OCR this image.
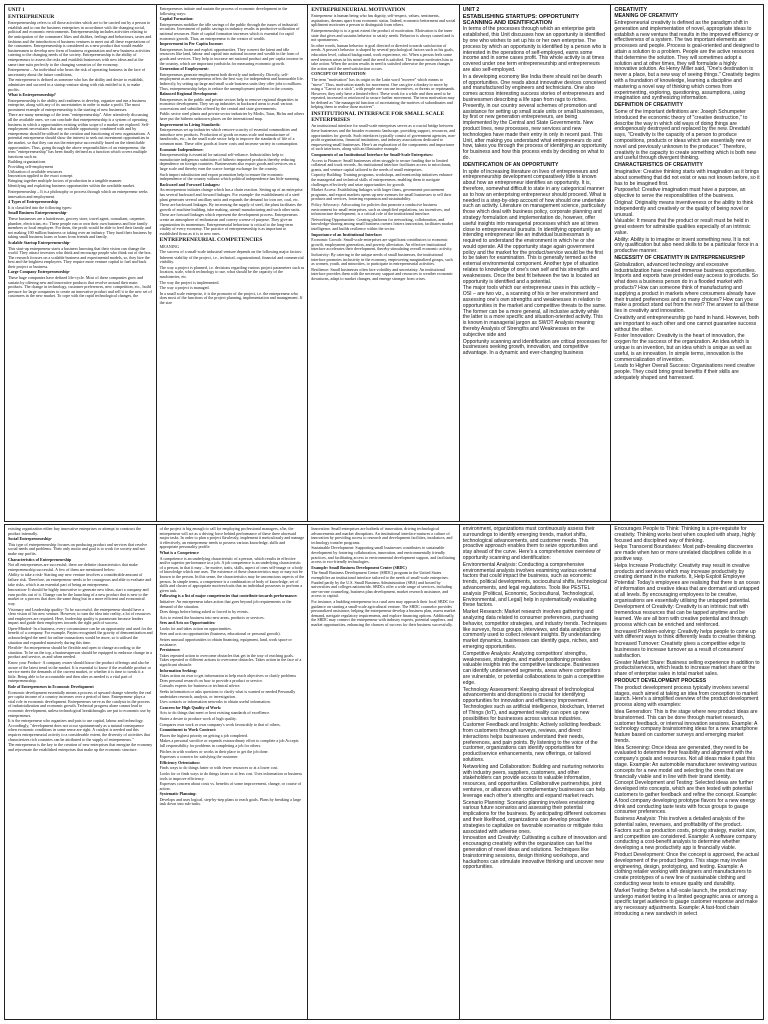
UNIT 1
ENTREPRENEUR
Entrepreneurship refers to all those activities which are to be carried out by a person to establish and to run the business enterprises in accordance with the changing social, political and economic environments. Entrepreneurship includes activities relating to the anticipation of the consumers' likes and dislikes, feelings and behaviours, tastes and fashions and the introduction of business ventures to meet out all these expectations of the consumers. Entrepreneurship is considered as a new product that would enable businessmen to develop new form of business organization and new business activities catering to the changing needs of the society. Entrepreneurship is the ability of entrepreneurs to assess the risks and establish businesses with new ideas and at the same time suits perfectly to the changing scenarios of the economy.
Entrepreneur – An individual who bears the risk of operating business in the face of uncertainty about the future conditions.
The entrepreneur is defined as someone who has the ability and desire to establish, administer and succeed in a startup venture along with risk entitled to it, to make profits.
What is Entrepreneurship?
Entrepreneurship is the ability and readiness to develop, organize and run a business enterprise, along with any of its uncertainties in order to make a profit. The most prominent example of entrepreneurship is the starting of new businesses.
There are many meanings of the term "entrepreneurship". After attentively discussing all the available ones, we can conclude that entrepreneurship is a system of operating business in which a opportunities existing within scope of a market are explored. Self-employment necessitates that any available opportunity combined with and by entrepreneur should be utilised in the creation and functioning of new organizations. A potential entrepreneur should show the interest to seek out investment opportunities in the market, so that they can run the enterprise successfully based on the identifiable opportunities. Thus, going through the above responsibilities of an entrepreneur, the term "entrepreneurship" has been finally defined as a function which covers multiple functions such as:
Building organizations
Providing self-employment
Utilization of available resources
Innovation applied to the exact concept
Bringing together multiple factors of production in a tangible manner
Identifying and exploiting business opportunities within the available market.
Entrepreneurship – It is a philosophy or process through which an entrepreneur seeks innovation and employment.
4 Types of Entrepreneurship
It is classified into the following types:
Small Business Entrepreneurship-
These businesses are a hairdresser, grocery store, travel agent, consultant, carpenter, plumber, electrician, etc. These people run or own their own business and hire family members or local employee. For them, the profit would be able to feed their family and not making 100 million business or taking over an industry. They fund their business by taking small business loans or loans from friends and family.
Scalable Startup Entrepreneurship-
This start-up entrepreneur starts a business knowing that their vision can change the world. They attract investors who think and encourage people who think out of the box. The research focuses on a scalable business and experimental models, so, they hire the best and the brightest employees. They require more venture capital to fuel and back their project or business.
Large Company Entrepreneurship-
These huge companies have defined life-cycle. Most of these companies grow and sustain by offering new and innovative products that revolve around their main products. The change in technology, customer preferences, new competition, etc., build pressure for large companies to create an innovative product and sell it to the new set of customers in the new market. To cope with the rapid technological changes, the
Entrepreneurs initiate and sustain the process of economic development in the following ways:
Capital Formation:
Entrepreneurs mobilize the idle savings of the public through the issues of industrial securities. Investment of public savings in industry results in productive utilization of national resources. Rate of capital formation increases which is essential for rapid economic growth. Thus, an entrepreneur is the creator of wealth.
Improvement in Per Capita Income:
Entrepreneurs locate and exploit opportunities. They convert the latent and idle resources like land, labour and capital into national income and wealth in the form of goods and services. They help to increase net national product and per capita income in the country, which are important yardsticks for measuring economic growth.
Generation of Employment:
Entrepreneurs generate employment both directly and indirectly. Directly, self-employment as an entrepreneur offers the best way for independent and honourable life. Indirectly, by setting up large and small scale business units they offer jobs to millions. Thus, entrepreneurship helps to reduce the unemployment problem in the country.
Balanced Regional Development:
Entrepreneurs in the public and private sectors help to remove regional disparities in economic development. They set up industries in backward areas to avail various concessions and subsidies offered by the central and state governments.
Public sector steel plants and private sector industries by Modis, Tatas, Birlas and others have put the hitherto unknown places on the international map.
Improvement in Living Standards:
Entrepreneurs set up industries which remove scarcity of essential commodities and introduce new products. Production of goods on mass scale and manufacture of handicrafts, etc., in the small scale sector help to improve the standards of life of a common man. These offer goods at lower costs and increase variety in consumption.
Economic Independence:
Entrepreneurship is essential for national self-reliance. Industrialists help to manufacture indigenous substitutes of hitherto imported products thereby reducing dependence on foreign countries. Businessmen also export goods and services on a large scale and thereby earn the scarce foreign exchange for the country.
Such import substitution and export promotion help to ensure the economic independence of the country without which political independence has little meaning.
Backward and Forward Linkages:
An entrepreneur initiates change which has a chain reaction. Setting up of an enterprise has several backward and forward linkages. For example- the establishment of a steel plant generates several ancillary units and expands the demand for iron ore, coal, etc.
These are backward linkages. By increasing the supply of steel, the plant facilitates the growth of machine building, tube making, utensil manufacturing and such other units.
These are forward linkages which represent the development process. Entrepreneurs create an atmosphere of enthusiasm and convey a sense of purpose. They give an organization its momentum. Entrepreneurial behaviour is critical to the long-term vitality of every economy. The practice of entrepreneurship is as important to established firms as it is to new ones.
ENTREPRENEURIAL COMPETENCIES
MEANING
The success of a small-scale industrial venture depends on the following major factors:
Inherent viability of the project, i.e., technical, organizational, financial and commercial viability.
The way a project is planned, i.e. decisions regarding various project parameters such as location, scale, which technology to use, what should be the capacity of the machineries, etc.
The way the project is implemented.
The way a project is managed.
In a small scale enterprise, it is the promoter of the project, i.e. the entrepreneur who does most of the functions of the project planning, implementation and management. If the size
ENTREPRENEURIAL MOTIVATION
Entrepreneur is human being who has dignity, self-respect, values, sentiments, aspirations, dreams apart from economic status. Indeed, economic betterment and social upliftment motivates a person to distinguish from others.
Entrepreneurship is to a great extent the product of motivation. Motivation is the inner state that gives and sustains behavior to satisfy needs. Behavior is always caused and is not spontaneous.
In other words, human behavior is goal directed or directed towards satisfaction of needs. A person's behavior is shaped by several psychological factors such as his goals, education level, cultural background, work experience, etc. When a person feels some need tension arises in his mind until the need is satisfied. The tension motivates him to take action. When the action results in need is satisfied otherwise the person changes the action until the need satisfaction occurs.
CONCEPT OF MOTIVATION
The term "motivation" has its origin in the Latin word "movere" which means to "move". Thus, motivation stands for movement. One can give a donkey to move by using a "Carrot or a stick", with people one can use incentives, or threats or reprimands. However, they only have a limited effect. These work for a while and then need to be repeated, increased or reinforced to secure further movement. The term motivation may be defined as "the managerial function of ascertaining the motives of subordinates and helping them to realise those motives".
INSTITUTIONAL INTERFACE FOR SMALL SCALE ENTERPRISES
An institutional interface for small-scale enterprises serves as a crucial bridge between these businesses and the broader economic landscape, providing support, resources, and opportunities for growth. Such interfaces typically consist of government agencies, non-profit organizations, financial institutions, and industry associations dedicated to empowering small businesses. Here's an exploration of the components and importance of such interfaces, along with an illustrative example.
Components of an Institutional Interface for Small-Scale Enterprises:
Access to Finance: Small businesses often struggle to secure funding due to limited collateral and track records. An institutional interface facilitates access to microloans, grants, and venture capital tailored to the needs of small enterprises.
Capacity Building: Training programs, workshops, and mentorship initiatives enhance the managerial and technical skills of entrepreneurs, enabling them to navigate challenges effectively and seize opportunities for growth.
Market Access: Establishing linkages with larger firms, government procurement programs, and export markets opens up new avenues for small businesses to sell their products and services, fostering expansion and sustainability.
Policy Advocacy: Advocating for policies that promote a conducive business environment for small enterprises, such as simplified regulations, tax incentives, and infrastructure development, is a critical role of the institutional interface.
Networking Opportunities: Creating platforms for networking, collaboration, and knowledge-sharing among small business owners fosters innovation, facilitates market intelligence, and builds resilience within the sector.
Importance of an Institutional Interface:
Economic Growth: Small-scale enterprises are significant contributors to economic growth, employment generation, and poverty alleviation. An effective institutional interface accelerates their development, thereby stimulating overall economic activity.
Inclusivity: By catering to the unique needs of small businesses, the institutional interface promotes inclusivity in the economy, empowering marginalized groups, such as women, youth, and minorities, to participate in entrepreneurial activities.
Resilience: Small businesses often face volatility and uncertainty. An institutional interface provides them with the necessary support and resources to weather economic downturns, adapt to market changes, and emerge stronger from crises.
UNIT 2
ESTABLISHING STARTUPS: OPPORTUNITY SCANNING AND IDENTIFICATION
In terms of the processes through which an enterprise gets established, this Unit discusses how an opportunity is identified by one who wishes to set up his or her own enterprise. The process by which an opportunity is identified by a person who is interested in the operations of self-employed, earns some income and in some cases profit. This whole activity is at times covered under one term entrepreneurship and entrepreneurs are also self-employed.
In a developing economy like India there should not be dearth of opportunities. One reads about innovative devices conceived and manufactured by engineers and technicians. One also comes across interesting success stories of entrepreneurs and businessmen describing a life span from rags to riches. Presently, in our country several schemes of promotion and assistance for setting up small scale units or small businesses, by first or new generation entrepreneurs, are being implemented by the Central and State Governments. New product lines, new processes, new services and new technologies have made their entry in only in recent past. This Unit, after making you understand what entrepreneurs do and how, takes you through the process of identifying an opportunity for business and how this process ends by deciding on what to do.
IDENTIFICATION OF AN OPPORTUNITY
In spite of increasing literature on lives of entrepreneurs and entrepreneurship development comparatively little is known about how an entrepreneur identifies an opportunity. It is, therefore, somewhat difficult to state in any categorical manner as to how an enterprising entrepreneur should proceed. What is needed is a step-by-step account of how should one undertake such an activity. Literature on management science, particularly those which deal with business policy, corporate planning and strategy formulation and implementation do, however, offer useful insights into managerial processes which are at times close to entrepreneurial pursuits. In identifying opportunity an intending entrepreneur like an individual businessman is required to understand the environment in which he or she would operate. All the opportunity stage again government policy and the market for the product/service would be the first to be taken for examination. This is generally termed as the external environmental component. Another type of situation relates to knowledge of one's own self and his strengths and weaknesses. Once the best fit between the two is located an opportunity is identified and a potential.
The major tools which our entrepreneur uses in this activity – OSI – are two viz., a scanning of his or her environment and assessing one's own strengths and weaknesses in relation to opportunities in the market and competitive threats to the same. The former can be a more general, all inclusive activity while the latter is a more specific and situation-oriented activity. This is known in managerial jargon as SWOT Analysis meaning thereby Analysis of Strengths and Weaknesses on the subjective side and
Opportunity scanning and identification are critical processes for businesses seeking growth, innovation, and competitive advantage. In a dynamic and ever-changing business
CREATIVITY
MEANING OF CREATIVITY
Entrepreneurial creativity is defined as the paradigm shift in generation and implementation of novel, appropriate ideas to establish a new venture that results in the improved efficiency or effectiveness of a system. The two important elements are processes and people. Process is goal-oriented and designed to attain a solution to a problem. People are the active resources that determine the solution. They will sometimes adopt a solution and at other times, they will formulate a highly innovative solution. As Henry Miller said, "One's destination is never a place, but a new way of seeing things." Creativity begins with a foundation of knowledge, learning a discipline and mastering a novel way of thinking which comes from experimenting, exploring, questioning, assumptions, using imagination and synthesizing information.
DEFINITION OF CREATIVITY
Some of the important definitions are: Joseph Schumpeter introduced the economic theory of "creative destruction," to describe the way in which old ways of doing things are endogenously destroyed and replaced by the new. Drevdahl says, "Creativity is the capacity of a person to produce compositions, products or ideas which are essentially new or novel and previously unknown to the producer." Therefore, creativity is the capacity to create something which is both new and useful through divergent thinking.
CHARACTERISTICS OF CREATIVITY
Imaginative: Creative thinking starts with imagination as it brings about something that did not exist or was not known before, so it has to be imagined first.
Purposeful: Creative imagination must have a purpose, an objective to serve the responsibilities of the business.
Original: Originality means inventiveness or the ability to think independently and creatively or the quality of being novel or unusual.
Valuable: It means that the product or result must be held in great esteem for admirable qualities especially of an intrinsic value.
Ability: Ability is to imagine or invent something new. It is not only qualification but also need skills to be a particular force in a productive manner.
NECESSITY OF CREATIVITY IN ENTREPRENEURSHIP
Globalization, advanced technology and excessive industrialization have created immense business opportunities. Imports and exports have provided easy access to products. So what does a business person do in a flooded market with products? How can someone think of manufacturing and supplying a product in markets where consumers already have their trusted preferences and so many choices? How can you make a product stand out from the rest? The answer to all these lies in creativity and innovation.
Creativity and entrepreneurship go hand in hand. However, both are important to each other and one cannot guarantee success without the other.
Foster Innovation: Creativity is the heart of innovation, the oxygen for the success of the organization. An idea which is unique is an invention, but an idea which is unique as well as useful, is an innovation. In simple terms, innovation is the commercialization of invention.
Leads to Higher Overall Success: Organisations need creative people. They could bring great benefits if their skills are adequately shaped and harnessed.
existing organization either buy innovative enterprises or attempt to construct the product internally.
Social Entrepreneurship-
This type of entrepreneurship focuses on producing product and services that resolve social needs and problems. Their only motto and goal is to work for society and not make any profits.
Characteristics of Entrepreneurship
Not all entrepreneurs are successful; there are definite characteristics that make entrepreneurship successful. A few of them are mentioned below:
Ability to take a risk- Starting any new venture involves a considerable amount of failure risk. Therefore, an entrepreneur needs to be courageous and able to evaluate and take risks, which is an essential part of being an entrepreneur.
Innovation- It should be highly innovative to generate new ideas, start a company and earn profits out of it. Change can be the launching of a new product that is new to the market or a process that does the same thing but in a more efficient and economical way.
Visionary and Leadership quality- To be successful, the entrepreneur should have a clear vision of his new venture. However, to turn the idea into reality, a lot of resources and employees are required. Here, leadership quality is paramount because leaders impart and guide their employees towards the right path of success.
Open-Minded- In a business, every circumstance can be an opportunity and used for the benefit of a company. For example, Paytm recognised the gravity of demonetization and acknowledged the need for online transactions would be more, so it utilised the situation and expanded massively during this time.
Flexible- An entrepreneur should be flexible and open to change according to the situation. To be on the top, a businessperson should be equipped to embrace change in a product and service, as and when needed.
Know your Product- A company owner should know the product offerings and also be aware of the latest trend in the market. It is essential to know if the available product or service meets the demands of the current market, or whether it is time to tweak it a little. Being able to be accountable and then alter as needed is a vital part of entrepreneurship.
Role of Entrepreneurs in Economic Development
Economic development essentially means a process of upward change whereby the real per capita income of a country increases over a period of time. Entrepreneur plays a vital role in economic development. Entrepreneurs serve as the catalysts in the process of industrialization and economic growth. Technical progress alone cannot lead to economic development, unless technological breakthroughs are put to economic use by entrepreneurs.
It is the entrepreneur who organizes and puts to use capital, labour and technology. Accordingly, "development does not occur spontaneously as a natural consequence when economic conditions in some sense are right. A catalyst is needed and this requires entrepreneurial activity to a considerable extent, the diversity of activities that characterizes rich countries can be attributed to the supply of entrepreneurs."
The entrepreneur is the key to the creation of new enterprises that energize the economy and rejuvenate the established enterprises that make up the economic structure.
of the project is big enough to call for employing professional managers, s/he, the entrepreneur will act as a driving force behind performance of these three aforesaid major tasks. In order to plan a project flawlessly, implement it meticulously and manage it effectively, an entrepreneur needs to possess various knowledge, skills and appropriate personality profile.
What is a Competence
A competence is an underlying characteristic of a person, which results in effective and/or superior performance in a job. A job competence is an underlying characteristic of a person, in that it may – be motive, traits, skills, aspect of ones self-image or a body of knowledge which one uses. The existence of these characteristics may or may not be known to the person. In this sense, the characteristics may be unconscious aspects of the person. In simple terms, a competence is a combination of body of knowledge, set of skills and cluster of appropriate motives/traits that an individual possesses to perform a given task.
Following is a list of major competencies that contribute towards performance:
Initiative: An entrepreneur takes action that goes beyond job requirements or the demand of the situation.
Does things before being asked or forced to by events.
Acts to extend the business into new areas, products or services.
Sees and Acts on Opportunities:
Looks for and takes action on opportunities.
Sees and acts on opportunities (business, educational or personal growth).
Seizes unusual opportunities to obtain financing, equipment, land, work space or assistance.
Persistence:
Takes repeated action to overcome obstacles that get in the way of reaching goals. Takes repeated or different actions to overcome obstacles. Takes action in the face of a significant obstacle.
Information Seeking:
Takes action on own to get information to help reach objectives or clarify problems Does personal research on how to provide a product or service.
Consults experts for business or technical advice.
Seeks information or asks questions to clarify what is wanted or needed Personally undertakes research, analysis, or investigation.
Uses contacts or information networks to obtain useful information.
Concern for High Quality of Work:
Acts to do things that meet or beat existing standards of excellence.
States a desire to produce work of high quality.
Compares own work or own company's work favourably to that of others.
Commitment to Work Contract:
Places the highest priority on getting a job completed.
Makes a personal sacrifice or expends extraordinary effort to complete a job Accepts full responsibility for problems in completing a job for others.
Pitches in with workers or works in their place to get the job done.
Expresses a concern for satisfying the customer.
Efficiency Orientation:
Finds ways to do things faster or with fewer resources or at a lower cost.
Looks for or finds ways to do things faster or at less cost. Uses information or business tools to improve efficiency.
Expresses concern about costs vs. benefits of some improvement, change, or course of action.
Systematic Planning:
Develops and uses logical, step-by-step plans to reach goals. Plans by breaking a large task down into sub-tasks.
Innovation: Small enterprises are hotbeds of innovation, driving technological advancements and market disruptions. An institutional interface nurtures a culture of innovation by providing access to research and development facilities, incubators, and technology transfer programs.
Sustainable Development: Supporting small businesses contributes to sustainable development by fostering collaboration, innovation, and environmentally friendly practices, and facilitating access to environmental development support, and facilitating access to eco-friendly technologies.
Example: Small Business Development Center (SBDC)
The Small Business Development Center (SBDC) program in the United States exemplifies an institutional interface tailored to the needs of small-scale enterprises. Funded partly by the U.S. Small Business Administration (SBA) and hosted by universities and colleges nationwide, SBDCs offer a wide range of services, including one-on-one counseling, business plan development, market research assistance, and access to capital.
For instance, a budding entrepreneur in a rural area may approach their local SBDC for guidance on starting a small-scale agricultural venture. The SBDC counselor provides personalized assistance, helping the entrepreneur develop a business plan, assess market demand, navigate regulatory requirements, and explore financing options. Additionally, the SBDC may connect the entrepreneur with industry experts, potential suppliers, and market opportunities, enhancing the chances of success for their business successfully.
environment, organizations must continuously assess their surroundings to identify emerging trends, market shifts, technological advancements, and customer needs. This proactive approach enables them to seize opportunities and stay ahead of the curve. Here's a comprehensive overview of opportunity scanning and identification:
Environmental Analysis: Conducting a comprehensive environmental analysis involves examining various external factors that could impact the business, such as economic trends, political developments, sociocultural shifts, technological advancements, and legal regulations. Tools like PESTEL analysis (Political, Economic, Sociocultural, Technological, Environmental, and Legal) help in systematically evaluating these factors.
Market Research: Market research involves gathering and analyzing data related to consumer preferences, purchasing behavior, competitor strategies, and industry trends. Techniques like surveys, focus groups, interviews, and data analytics are commonly used to collect relevant insights. By understanding market dynamics, businesses can identify gaps, niches, and emerging opportunities.
Competitive Analysis: Analyzing competitors' strengths, weaknesses, strategies, and market positioning provides valuable insights into the competitive landscape. Businesses can identify underserved segments, areas where competitors are vulnerable, or potential collaborations to gain a competitive edge.
Technology Assessment: Keeping abreast of technological advancements and disruptions is crucial for identifying opportunities for innovation and efficiency improvement. Technologies such as artificial intelligence, blockchain, Internet of Things (IoT), and augmented reality can open up new possibilities for businesses across various industries.
Customer Feedback and Insights: Actively soliciting feedback from customers through surveys, reviews, and direct interactions helps businesses understand their needs, preferences, and pain points. By listening to the voice of the customer, organizations can identify opportunities for product/service enhancements, new offerings, or tailored solutions.
Networking and Collaboration: Building and nurturing networks with industry peers, suppliers, customers, and other stakeholders can provide access to valuable information, resources, and opportunities. Collaborative partnerships, joint ventures, or alliances with complementary businesses can help leverage each other's strengths and expand market reach.
Scenario Planning: Scenario planning involves envisioning various future scenarios and assessing their potential implications for the business. By anticipating different outcomes and their likelihood, organizations can develop proactive strategies to capitalize on favorable scenarios or mitigate risks associated with adverse ones.
Innovation and Creativity: Cultivating a culture of innovation and encouraging creativity within the organization can fuel the generation of novel ideas and solutions. Techniques like brainstorming sessions, design thinking workshops, and hackathons can stimulate innovative thinking and uncover new opportunities.
Encourages People to Think: Thinking is a pre-requisite for creativity. Thinking works best when coupled with sharp, highly focused and disciplined way of thinking.
Helps Transcend Boundaries: Most path-breaking discoveries are made when two or more unrelated disciplines collide in a positive way.
Helps Increase Productivity: Creativity may result in creative products and services which may increase productivity by creating demand in the markets. It, Help Exploit Employee Potential: Today's employees are realising that there is an ocean of information and creative ideas that are dormant and untapped at all levels. By encouraging employees to be creative, organisations are essentially utilising the untapped potential.
Development of Creativity: Creativity is an intrinsic trait with tremendous resources that can be tapped anytime and be learned. We are all born with creative potential and through process which can be enriched and reinforced.
Increased Problem-solving: Creativity helps people to come up with different ways to think differently leads to creative thinking.
Increased Turnover: Creativity gives a competitive edge to businesses to increase turnover as a result of consumers' satisfaction.
Greater Market Share: Business selling experience in addition to products/services, which leads to increase market share or the share of enterprise sales in total market sales.
PRODUCT DEVELOPMENT PROCESS
The product development process typically involves several stages, each aimed at taking an idea from conception to market launch. Here's a simplified overview of the product development process along with examples:
Idea Generation: This is the stage where new product ideas are brainstormed. This can be done through market research, customer feedback, or internal innovation sessions. Example: A technology company brainstorming ideas for a new smartphone feature based on customer surveys and emerging market trends.
Idea Screening: Once ideas are generated, they need to be evaluated to determine their feasibility and alignment with the company's goals and resources. Not all ideas make it past this stage. Example: An automobile manufacturer reviewing various concepts for a new model and selecting the ones that are financially viable and in line with their brand identity.
Concept Development and Testing: Selected ideas are further developed into concepts, which are then tested with potential customers to gather feedback and refine the concept. Example: A food company developing prototype flavors for a new energy drink and conducting taste tests with focus groups to gauge consumer preferences.
Business Analysis: This involves a detailed analysis of the potential sales, revenues, and profitability of the product. Factors such as production costs, pricing strategy, market size, and competition are considered. Example: A software company conducting a cost-benefit analysis to determine whether developing a new productivity app is financially viable.
Product Development: Once the concept is approved, the actual development of the product begins. This stage may involve engineering, design, prototyping, and testing. Example: A clothing retailer working with designers and manufacturers to create prototypes of a new line of sustainable clothing and conducting wear tests to ensure quality and durability.
Market Testing: Before a full-scale launch, the product may undergo market testing in a limited geographic area or among a specific target audience to gauge customer response and make any necessary adjustments. Example: A fast-food chain introducing a new sandwich in select
